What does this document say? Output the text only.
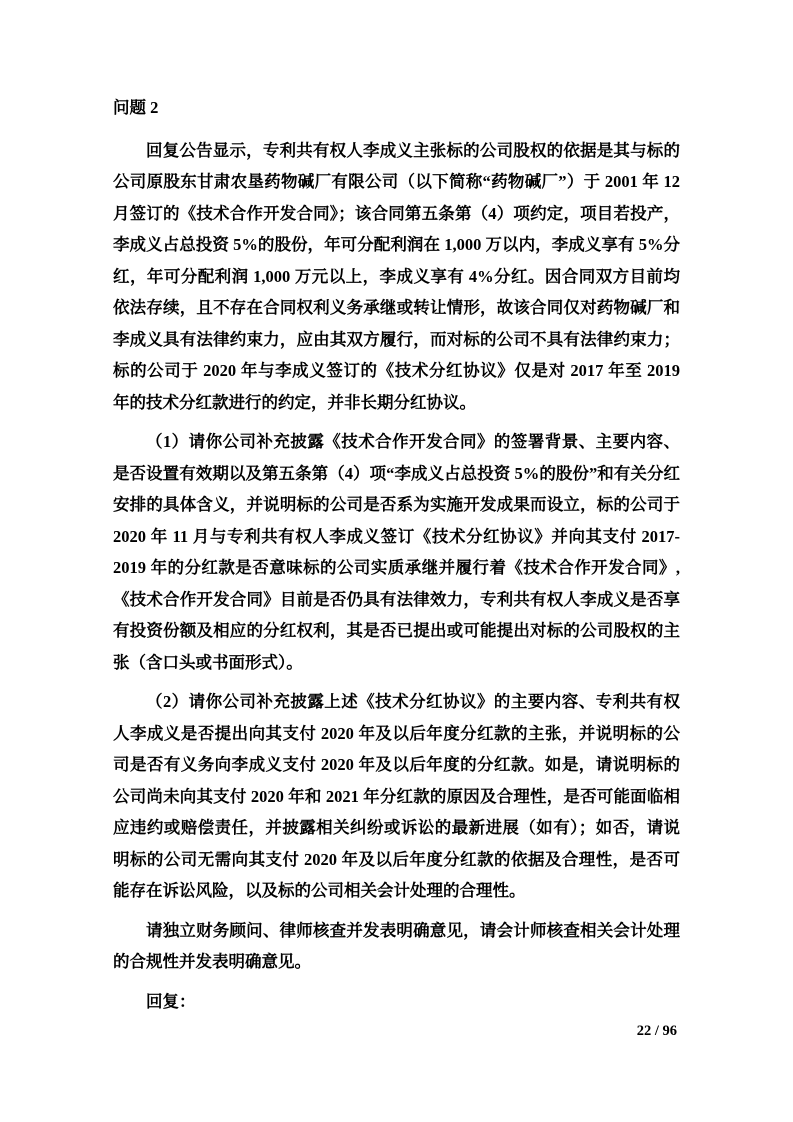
问题 2

回复公告显示，专利共有权人李成义主张标的公司股权的依据是其与标的公司原股东甘肃农垦药物碱厂有限公司（以下简称“药物碱厂”）于 2001 年 12 月签订的《技术合作开发合同》；该合同第五条第（4）项约定，项目若投产，李成义占总投资 5%的股份，年可分配利润在 1,000 万以内，李成义享有 5%分红，年可分配利润 1,000 万元以上，李成义享有 4%分红。因合同双方目前均依法存续，且不存在合同权利义务承继或转让情形，故该合同仅对药物碱厂和李成义具有法律约束力，应由其双方履行，而对标的公司不具有法律约束力；标的公司于 2020 年与李成义签订的《技术分红协议》仅是对 2017 年至 2019 年的技术分红款进行的约定，并非长期分红协议。

（1）请你公司补充披露《技术合作开发合同》的签署背景、主要内容、是否设置有效期以及第五条第（4）项“李成义占总投资 5%的股份”和有关分红安排的具体含义，并说明标的公司是否系为实施开发成果而设立，标的公司于 2020 年 11 月与专利共有权人李成义签订《技术分红协议》并向其支付 2017-2019 年的分红款是否意味标的公司实质承继并履行着《技术合作开发合同》,《技术合作开发合同》目前是否仍具有法律效力，专利共有权人李成义是否享有投资份额及相应的分红权利，其是否已提出或可能提出对标的公司股权的主张（含口头或书面形式）。

（2）请你公司补充披露上述《技术分红协议》的主要内容、专利共有权人李成义是否提出向其支付 2020 年及以后年度分红款的主张，并说明标的公司是否有义务向李成义支付 2020 年及以后年度的分红款。如是，请说明标的公司尚未向其支付 2020 年和 2021 年分红款的原因及合理性，是否可能面临相应违约或赔偿责任，并披露相关纠纷或诉讼的最新进展（如有）；如否，请说明标的公司无需向其支付 2020 年及以后年度分红款的依据及合理性，是否可能存在诉讼风险，以及标的公司相关会计处理的合理性。

请独立财务顾问、律师核查并发表明确意见，请会计师核查相关会计处理的合规性并发表明确意见。

回复：

22 / 96
